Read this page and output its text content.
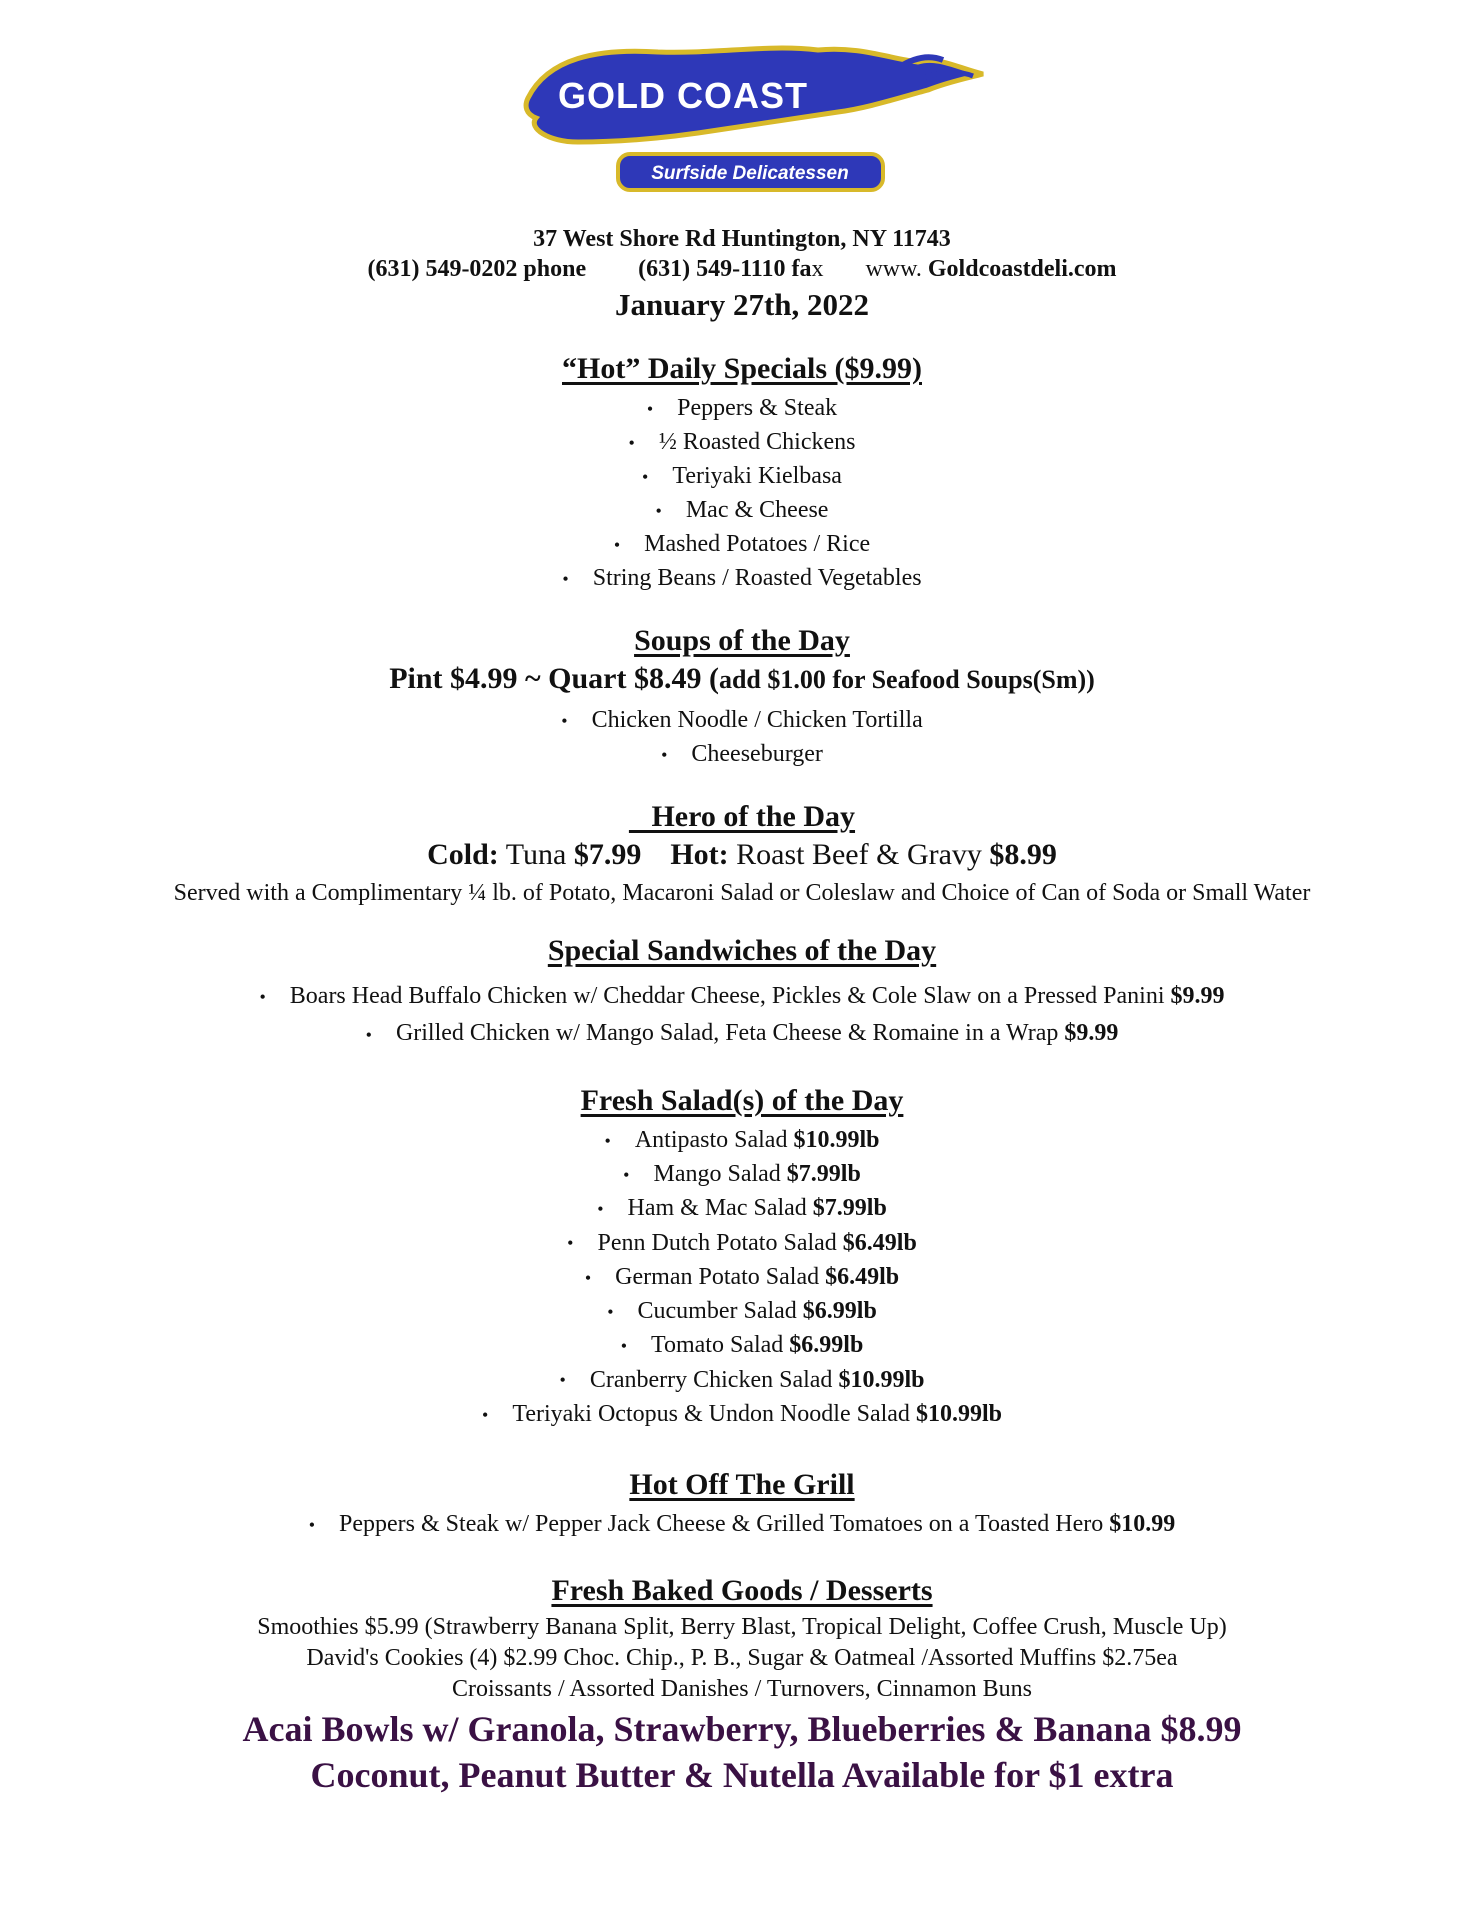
GOLD COAST
Surfside Delicatessen
37 West Shore Rd Huntington, NY 11743
(631) 549-0202 phone (631) 549-1110 fax www. Goldcoastdeli.com
January 27th, 2022
“Hot” Daily Specials ($9.99)
• Peppers & Steak
• ½ Roasted Chickens
• Teriyaki Kielbasa
• Mac & Cheese
• Mashed Potatoes / Rice
• String Beans / Roasted Vegetables
Soups of the Day
Pint $4.99 ~ Quart $8.49 (add $1.00 for Seafood Soups(Sm))
• Chicken Noodle / Chicken Tortilla
• Cheeseburger
Hero of the Day
Cold: Tuna $7.99 Hot: Roast Beef & Gravy $8.99
Served with a Complimentary ¼ lb. of Potato, Macaroni Salad or Coleslaw and Choice of Can of Soda or Small Water
Special Sandwiches of the Day
• Boars Head Buffalo Chicken w/ Cheddar Cheese, Pickles & Cole Slaw on a Pressed Panini $9.99
• Grilled Chicken w/ Mango Salad, Feta Cheese & Romaine in a Wrap $9.99
Fresh Salad(s) of the Day
• Antipasto Salad $10.99lb
• Mango Salad $7.99lb
• Ham & Mac Salad $7.99lb
• Penn Dutch Potato Salad $6.49lb
• German Potato Salad $6.49lb
• Cucumber Salad $6.99lb
• Tomato Salad $6.99lb
• Cranberry Chicken Salad $10.99lb
• Teriyaki Octopus & Undon Noodle Salad $10.99lb
Hot Off The Grill
• Peppers & Steak w/ Pepper Jack Cheese & Grilled Tomatoes on a Toasted Hero $10.99
Fresh Baked Goods / Desserts
Smoothies $5.99 (Strawberry Banana Split, Berry Blast, Tropical Delight, Coffee Crush, Muscle Up)
David's Cookies (4) $2.99 Choc. Chip., P. B., Sugar & Oatmeal /Assorted Muffins $2.75ea
Croissants / Assorted Danishes / Turnovers, Cinnamon Buns
Acai Bowls w/ Granola, Strawberry, Blueberries & Banana $8.99
Coconut, Peanut Butter & Nutella Available for $1 extra
